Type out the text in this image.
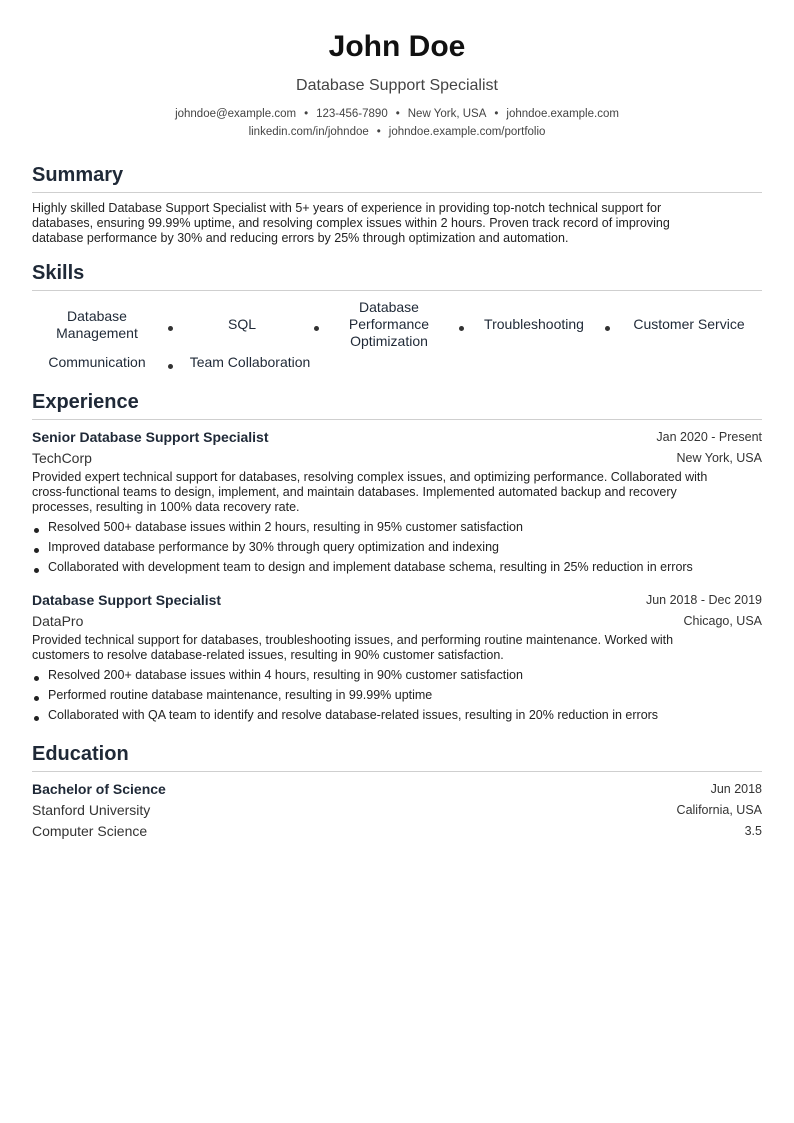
John Doe
Database Support Specialist
johndoe@example.com • 123-456-7890 • New York, USA • johndoe.example.com
linkedin.com/in/johndoe • johndoe.example.com/portfolio
Summary
Highly skilled Database Support Specialist with 5+ years of experience in providing top-notch technical support for
databases, ensuring 99.99% uptime, and resolving complex issues within 2 hours. Proven track record of improving
database performance by 30% and reducing errors by 25% through optimization and automation.
Skills
Database
Management
SQL
Database
Performance
Optimization
Troubleshooting	Customer Service
Communication	Team Collaboration
Experience
Senior Database Support Specialist	Jan 2020 - Present
TechCorp	New York, USA
Provided expert technical support for databases, resolving complex issues, and optimizing performance. Collaborated with
cross-functional teams to design, implement, and maintain databases. Implemented automated backup and recovery
processes, resulting in 100% data recovery rate.
Resolved 500+ database issues within 2 hours, resulting in 95% customer satisfaction
Improved database performance by 30% through query optimization and indexing
Collaborated with development team to design and implement database schema, resulting in 25% reduction in errors
Database Support Specialist	Jun 2018 - Dec 2019
DataPro	Chicago, USA
Provided technical support for databases, troubleshooting issues, and performing routine maintenance. Worked with
customers to resolve database-related issues, resulting in 90% customer satisfaction.
Resolved 200+ database issues within 4 hours, resulting in 90% customer satisfaction
Performed routine database maintenance, resulting in 99.99% uptime
Collaborated with QA team to identify and resolve database-related issues, resulting in 20% reduction in errors
Education
Bachelor of Science	Jun 2018
Stanford University	California, USA
Computer Science	3.5
